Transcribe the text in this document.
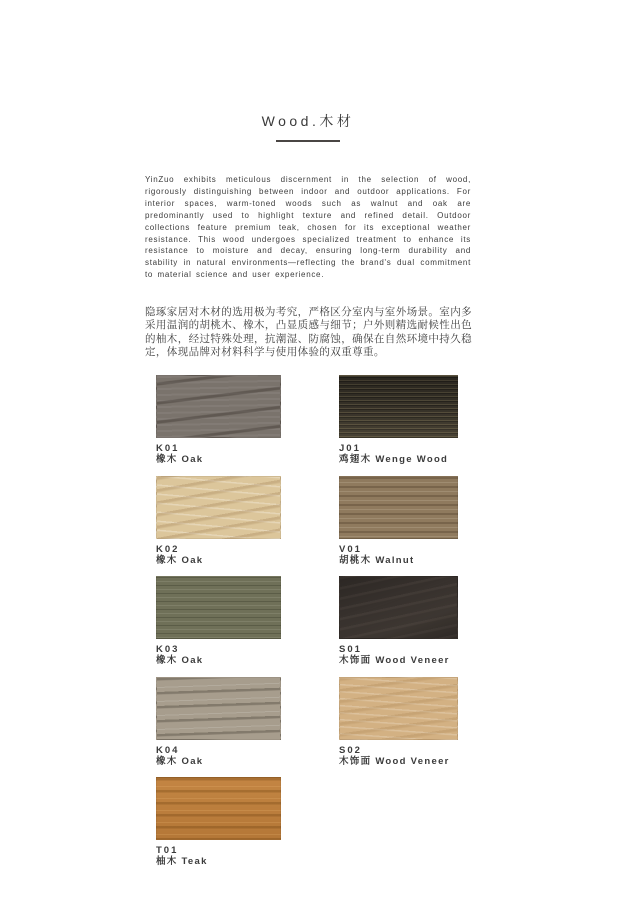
Wood.木材

YinZuo exhibits meticulous discernment in the selection of wood, rigorously distinguishing between indoor and outdoor applications. For interior spaces, warm-toned woods such as walnut and oak are predominantly used to highlight texture and refined detail. Outdoor collections feature premium teak, chosen for its exceptional weather resistance. This wood undergoes specialized treatment to enhance its resistance to moisture and decay, ensuring long-term durability and stability in natural environments—reflecting the brand's dual commitment to material science and user experience.

隐琢家居对木材的选用极为考究，严格区分室内与室外场景。室内多采用温润的胡桃木、橡木，凸显质感与细节；户外则精选耐候性出色的柚木，经过特殊处理，抗潮湿、防腐蚀，确保在自然环境中持久稳定，体现品牌对材料科学与使用体验的双重尊重。

K01
橡木 Oak
J01
鸡翅木 Wenge Wood
K02
橡木 Oak
V01
胡桃木 Walnut
K03
橡木 Oak
S01
木饰面 Wood Veneer
K04
橡木 Oak
S02
木饰面 Wood Veneer
T01
柚木 Teak
